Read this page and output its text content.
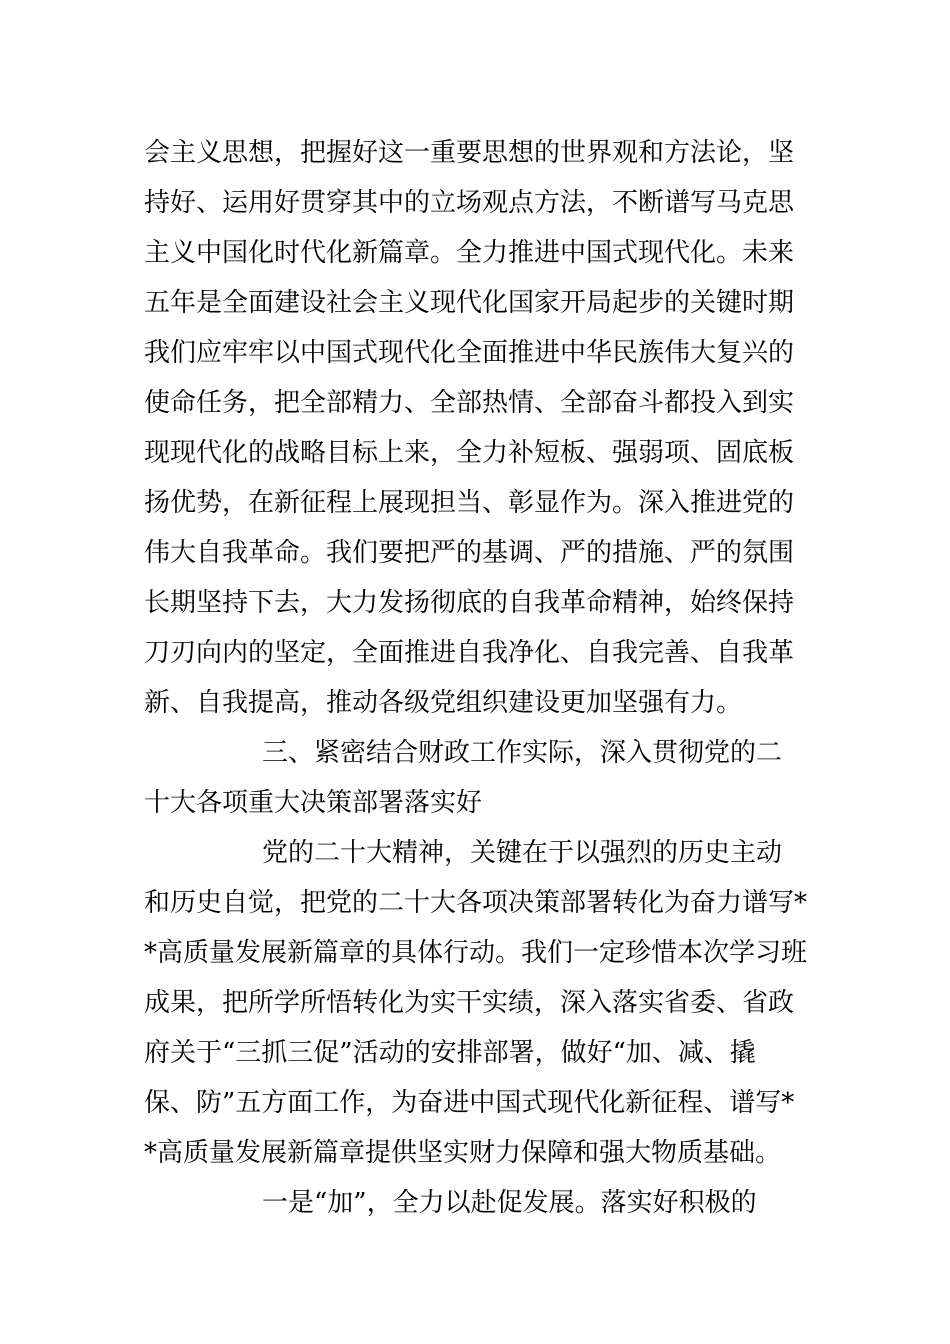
会主义思想，把握好这一重要思想的世界观和方法论，坚
持好、运用好贯穿其中的立场观点方法，不断谱写马克思
主义中国化时代化新篇章。全力推进中国式现代化。未来
五年是全面建设社会主义现代化国家开局起步的关键时期
我们应牢牢以中国式现代化全面推进中华民族伟大复兴的
使命任务，把全部精力、全部热情、全部奋斗都投入到实
现现代化的战略目标上来，全力补短板、强弱项、固底板
扬优势，在新征程上展现担当、彰显作为。深入推进党的
伟大自我革命。我们要把严的基调、严的措施、严的氛围
长期坚持下去，大力发扬彻底的自我革命精神，始终保持
刀刃向内的坚定，全面推进自我净化、自我完善、自我革
新、自我提高，推动各级党组织建设更加坚强有力。
三、紧密结合财政工作实际，深入贯彻党的二
十大各项重大决策部署落实好
党的二十大精神，关键在于以强烈的历史主动
和历史自觉，把党的二十大各项决策部署转化为奋力谱写*
*高质量发展新篇章的具体行动。我们一定珍惜本次学习班
成果，把所学所悟转化为实干实绩，深入落实省委、省政
府关于“三抓三促”活动的安排部署，做好“加、减、撬
保、防”五方面工作，为奋进中国式现代化新征程、谱写*
*高质量发展新篇章提供坚实财力保障和强大物质基础。
一是“加”，全力以赴促发展。落实好积极的
